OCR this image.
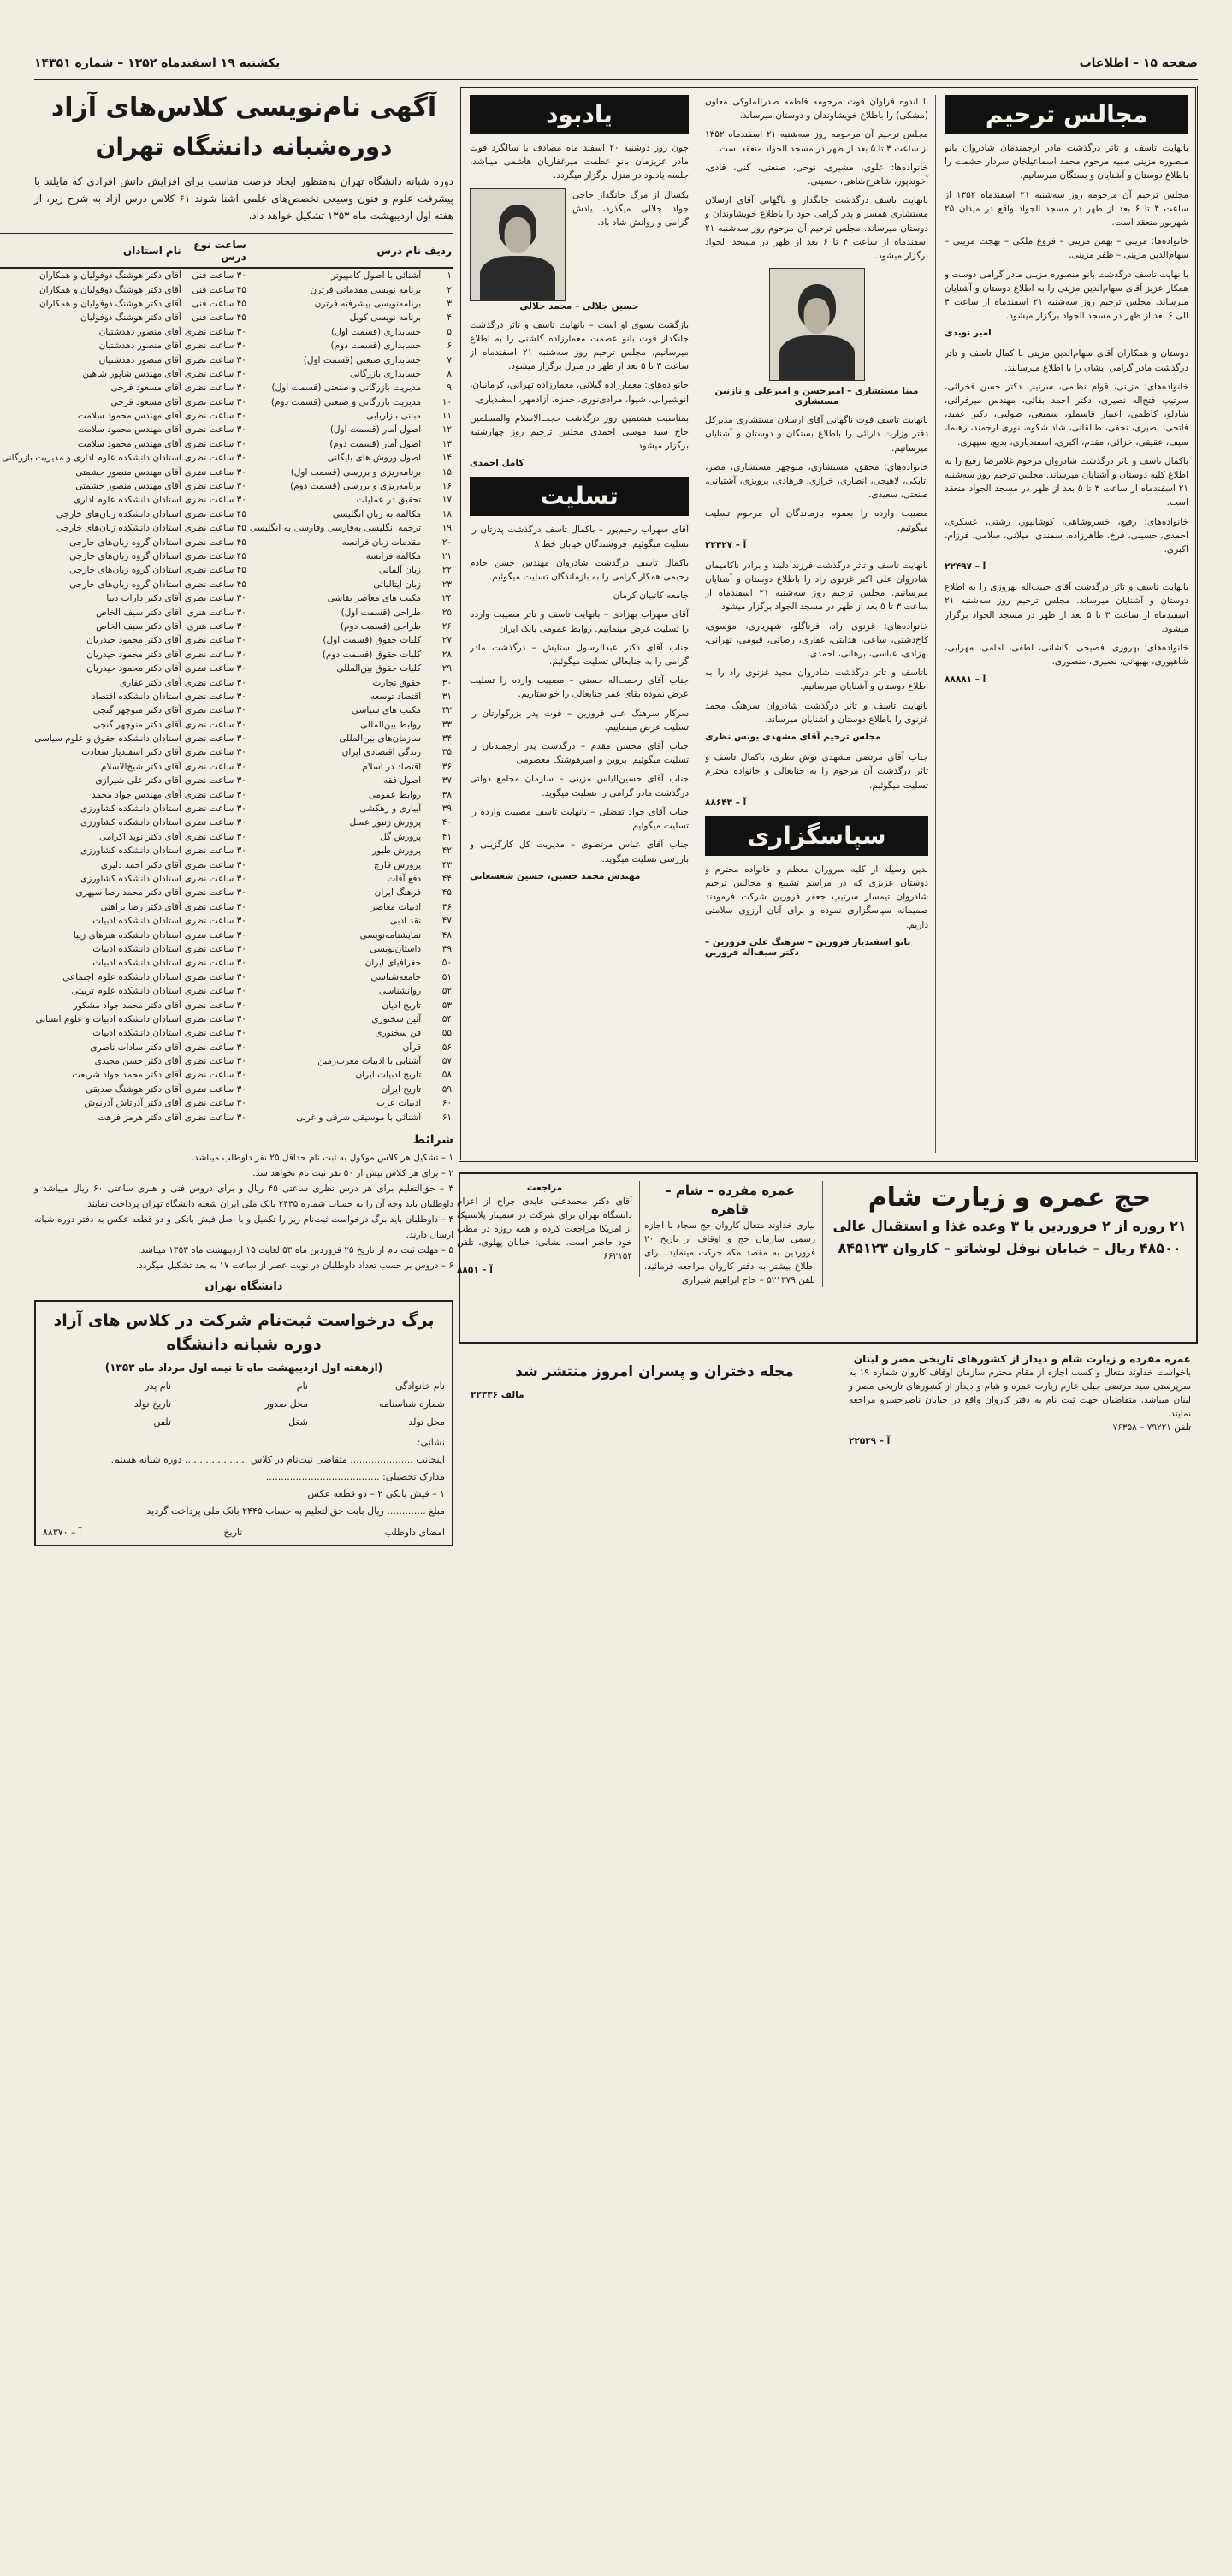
صفحه ۱۵ – اطلاعات
یکشنبه ۱۹ اسفندماه ۱۳۵۲ – شماره ۱۴۳۵۱
آگهی نام‌نویسی کلاس‌های آزاد
دوره‌شبانه دانشگاه تهران
دوره شبانه دانشگاه تهران به‌منظور ایجاد فرصت مناسب برای افزایش دانش افرادی که مایلند با پیشرفت علوم و فنون وسیعی تخصص‌های علمی آشنا شوند ۶۱ کلاس درس آزاد به شرح زیر، از هفته اول اردیبهشت ماه ۱۳۵۳ تشکیل خواهد داد.
ردیف	نام درس	ساعت‌ نوع‌ درس	نام استادان
۱	آشنائی با اصول کامپیوتر	۳۰ ساعت فنی	آقای دکتر هوشنگ ذوفولیان و همکاران
۲	برنامه نویسی مقدماتی فرترن	۴۵ ساعت فنی	آقای دکتر هوشنگ ذوفولیان و همکاران
۳	برنامه‌نویسی پیشرفته فرترن	۴۵ ساعت فنی	آقای دکتر هوشنگ ذوفولیان و همکاران
۴	برنامه نویسی کوبل	۴۵ ساعت فنی	آقای دکتر هوشنگ ذوفولیان
۵	حسابداری (قسمت اول)	۳۰ ساعت نظری	آقای منصور دهدشتیان
۶	حسابداری (قسمت دوم)	۳۰ ساعت نظری	آقای منصور دهدشتیان
۷	حسابداری صنعتی (قسمت اول)	۳۰ ساعت نظری	آقای منصور دهدشتیان
۸	حسابداری بازرگانی	۳۰ ساعت نظری	آقای مهندس شاپور شاهین
۹	مدیریت بازرگانی و صنعتی (قسمت اول)	۳۰ ساعت نظری	آقای مسعود فرجی
۱۰	مدیریت بازرگانی و صنعتی (قسمت دوم)	۳۰ ساعت نظری	آقای مسعود فرجی
۱۱	مبانی بازاریابی	۳۰ ساعت نظری	آقای مهندس محمود سلامت
۱۲	اصول آمار (قسمت اول)	۳۰ ساعت نظری	آقای مهندس محمود سلامت
۱۳	اصول آمار (قسمت دوم)	۳۰ ساعت نظری	آقای مهندس محمود سلامت
۱۴	اصول وروش های بایگانی	۳۰ ساعت نظری	استادان دانشکده علوم اداری و مدیریت بازرگانی
۱۵	برنامه‌ریزی و بررسی (قسمت اول)	۳۰ ساعت نظری	آقای مهندس منصور حشمتی
۱۶	برنامه‌ریزی و بررسی (قسمت دوم)	۳۰ ساعت نظری	آقای مهندس منصور حشمتی
۱۷	تحقیق در عملیات	۳۰ ساعت نظری	استادان دانشکده علوم اداری
۱۸	مکالمه به زبان انگلیسی	۴۵ ساعت نظری	استادان دانشکده زبان‌های خارجی
۱۹	ترجمه انگلیسی به‌فارسی وفارسی به انگلیسی	۴۵ ساعت نظری	استادان دانشکده زبان‌های خارجی
۲۰	مقدمات زبان فرانسه	۴۵ ساعت نظری	استادان گروه زبان‌های خارجی
۲۱	مکالمه فرانسه	۴۵ ساعت نظری	استادان گروه زبان‌های خارجی
۲۲	زبان آلمانی	۴۵ ساعت نظری	استادان گروه زبان‌های خارجی
۲۳	زبان ایتالیائی	۴۵ ساعت نظری	استادان گروه زبان‌های خارجی
۲۴	مکتب های معاصر نقاشی	۳۰ ساعت نظری	آقای دکتر داراب دیبا
۲۵	طراحی (قسمت اول)	۳۰ ساعت هنری	آقای دکتر سیف الخاص
۲۶	طراحی (قسمت دوم)	۳۰ ساعت هنری	آقای دکتر سیف الخاص
۲۷	کلیات حقوق (قسمت اول)	۳۰ ساعت نظری	آقای دکتر محمود حیدریان
۲۸	کلیات حقوق (قسمت دوم)	۳۰ ساعت نظری	آقای دکتر محمود حیدریان
۲۹	کلیات حقوق بین‌المللی	۳۰ ساعت نظری	آقای دکتر محمود حیدریان
۳۰	حقوق تجارت	۳۰ ساعت نظری	آقای دکتر غفاری
۳۱	اقتصاد توسعه	۳۰ ساعت نظری	استادان دانشکده اقتصاد
۳۲	مکتب های سیاسی	۳۰ ساعت نظری	آقای دکتر منوچهر گنجی
۳۳	روابط بین‌المللی	۳۰ ساعت نظری	آقای دکتر منوچهر گنجی
۳۴	سازمان‌های بین‌المللی	۳۰ ساعت نظری	استادان دانشکده حقوق و علوم سیاسی
۳۵	زندگی اقتصادی ایران	۳۰ ساعت نظری	آقای دکتر اسفندیار سعادت
۳۶	اقتصاد در اسلام	۳۰ ساعت نظری	آقای دکتر شیخ‌الاسلام
۳۷	اصول فقه	۳۰ ساعت نظری	آقای دکتر علی شیرازی
۳۸	روابط عمومی	۳۰ ساعت نظری	آقای مهندس جواد محمد
۳۹	آبیاری و زهکشی	۳۰ ساعت نظری	استادان دانشکده کشاورزی
۴۰	پرورش زنبور عسل	۳۰ ساعت نظری	استادان دانشکده کشاورزی
۴۱	پرورش گل	۳۰ ساعت نظری	آقای دکتر نوید اکرامی
۴۲	پرورش طیور	۳۰ ساعت نظری	استادان دانشکده کشاورزی
۴۳	پرورش قارچ	۳۰ ساعت نظری	آقای دکتر احمد دلیری
۴۴	دفع آفات	۳۰ ساعت نظری	استادان دانشکده کشاورزی
۴۵	فرهنگ ایران	۳۰ ساعت نظری	آقای دکتر محمد رضا سپهری
۴۶	ادبیات معاصر	۳۰ ساعت نظری	آقای دکتر رضا براهنی
۴۷	نقد ادبی	۳۰ ساعت نظری	استادان دانشکده ادبیات
۴۸	نمایشنامه‌نویسی	۳۰ ساعت نظری	استادان دانشکده هنرهای زیبا
۴۹	داستان‌نویسی	۳۰ ساعت نظری	استادان دانشکده ادبیات
۵۰	جغرافیای ایران	۳۰ ساعت نظری	استادان دانشکده ادبیات
۵۱	جامعه‌شناسی	۳۰ ساعت نظری	استادان دانشکده علوم اجتماعی
۵۲	روانشناسی	۳۰ ساعت نظری	استادان دانشکده علوم تربیتی
۵۳	تاریخ ادیان	۳۰ ساعت نظری	آقای دکتر محمد جواد مشکور
۵۴	آئین سخنوری	۳۰ ساعت نظری	استادان دانشکده ادبیات و علوم انسانی
۵۵	فن سخنوری	۳۰ ساعت نظری	استادان دانشکده ادبیات
۵۶	قرآن	۳۰ ساعت نظری	آقای دکتر سادات ناصری
۵۷	آشنایی با ادبیات مغرب‌زمین	۳۰ ساعت نظری	آقای دکتر حسن مجیدی
۵۸	تاریخ ادبیات ایران	۳۰ ساعت نظری	آقای دکتر محمد جواد شریعت
۵۹	تاریخ ایران	۳۰ ساعت نظری	آقای دکتر هوشنگ صدیقی
۶۰	ادبیات عرب	۳۰ ساعت نظری	آقای دکتر آذرتاش آذرنوش
۶۱	آشنائی با موسیقی شرقی و غربی	۳۰ ساعت نظری	آقای دکتر هرمز فرهت
شرائط

۱ – تشکیل هر کلاس موکول به ثبت نام حداقل ۲۵ نفر داوطلب میباشد.

۲ – برای هر کلاس بیش از ۵۰ نفر ثبت نام نخواهد شد.

۳ – حق‌التعلیم برای هر درس نظری ساعتی ۴۵ ریال و برای دروس فنی و هنری ساعتی ۶۰ ریال میباشد و داوطلبان باید وجه آن را به حساب شماره ۲۴۴۵ بانک ملی ایران شعبه دانشگاه تهران پرداخت نمایند.

۴ – داوطلبان باید برگ درخواست ثبت‌نام زیر را تکمیل و با اصل فیش بانکی و دو قطعه عکس به دفتر دوره شبانه ارسال دارند.

۵ – مهلت ثبت نام از تاریخ ۲۵ فروردین ماه ۵۳ لغایت ۱۵ اردیبهشت ماه ۱۳۵۳ میباشد.

۶ – دروس بر حسب تعداد داوطلبان در نوبت عصر از ساعت ۱۷ به بعد تشکیل میگردد.

دانشگاه تهران
برگ درخواست ثبت‌نام شرکت در کلاس های آزاد دوره شبانه دانشگاه
(ازهفته اول اردیبهشت ماه تا نیمه اول مرداد ماه ۱۳۵۳)
نام خانوادگی
نام
نام پدر
شماره شناسنامه
محل صدور
تاریخ تولد
محل تولد
شغل
تلفن
نشانی:
اینجانب ..................... متقاضی ثبت‌نام در کلاس ..................... دوره شبانه هستم.
مدارک تحصیلی: ......................................
۱ – فیش بانکی ۲ – دو قطعه عکس
مبلغ ............. ریال بابت حق‌التعلیم به حساب ۲۴۴۵ بانک ملی پرداخت گردید.
امضای داوطلب
تاریخ
آ – ۸۸۳۷۰
مجالس ترحیم

بانهایت تاسف و تاثر درگذشت مادر ارجمندمان شادروان بانو منصوره مزینی صبیه مرحوم محمد اسماعیلخان سردار حشمت را باطلاع دوستان و آشنایان و بستگان میرسانیم.

مجلس ترحیم آن مرحومه روز سه‌شنبه ۲۱ اسفندماه ۱۳۵۲ از ساعت ۴ تا ۶ بعد از ظهر در مسجد الجواد واقع در میدان ۲۵ شهریور منعقد است.

خانواده‌ها: مزینی – بهمن مزینی – فروغ ملکی – بهجت مزینی – سهام‌الدین مزینی – ظفر مزینی.

با نهایت تاسف درگذشت بانو منصوره مزینی مادر گرامی دوست و همکار عزیز آقای سهام‌الدین مزینی را به اطلاع دوستان و آشنایان میرساند. مجلس ترحیم روز سه‌شنبه ۲۱ اسفندماه از ساعت ۴ الی ۶ بعد از ظهر در مسجد الجواد برگزار میشود.

امیر نوبدی

دوستان و همکاران آقای سهام‌الدین مزینی با کمال تاسف و تاثر درگذشت مادر گرامی ایشان را با اطلاع میرسانند.

خانواده‌های: مزینی، قوام نظامی، سرتیپ دکتر حسن فخرائی، سرتیپ فتح‌اله نصیری، دکتر احمد بقائی، مهندس میرفرائی، شادلو، کاظمی، اعتبار قاسملو، سمیعی، صولتی، دکتر عمید، فاتحی، نصیری، نجفی، طالقانی، شاد شکوه، نوری ارجمند، رهنما، سیف، عقیقی، خزائی، مقدم، اکبری، اسفندیاری، بدیع، سپهری.

باکمال تاسف و تاثر درگذشت شادروان مرحوم غلامرضا رفیع را به اطلاع کلیه دوستان و آشنایان میرساند. مجلس ترحیم روز سه‌شنبه ۲۱ اسفندماه از ساعت ۳ تا ۵ بعد از ظهر در مسجد الجواد منعقد است.

خانواده‌های: رفیع، خسروشاهی، کوشانپور، رشتی، عسکری، احمدی، حسینی، فرخ، طاهرزاده، سمندی، میلانی، سلامی، فرزام، اکبری.

آ – ۲۲۴۹۷

بانهایت تاسف و تاثر درگذشت آقای حبیب‌اله بهروزی را به اطلاع دوستان و آشنایان میرساند. مجلس ترحیم روز سه‌شنبه ۲۱ اسفندماه از ساعت ۳ تا ۵ بعد از ظهر در مسجد الجواد برگزار میشود.

خانواده‌های: بهروزی، فصیحی، کاشانی، لطفی، امامی، مهرابی، شاهپوری، بهبهانی، نصیری، منصوری.

آ – ۸۸۸۸۱

با اندوه فراوان فوت مرحومه فاطمه صدرالملوکی معاون (مشکی) را باطلاع خویشاوندان و دوستان میرساند.

مجلس ترحیم آن مرحومه روز سه‌شنبه ۲۱ اسفندماه ۱۳۵۲ از ساعت ۳ تا ۵ بعد از ظهر در مسجد الجواد منعقد است.

خانواده‌ها: علوی، مشیری، نوحی، صنعتی، کنی، قادی، آخوندپور، شاهرخ‌شاهی، حسینی.

بانهایت تاسف درگذشت جانگداز و ناگهانی آقای ارسلان مستشاری همسر و پدر گرامی خود را باطلاع خویشاوندان و دوستان میرساند. مجلس ترحیم آن مرحوم روز سه‌شنبه ۲۱ اسفندماه از ساعت ۴ تا ۶ بعد از ظهر در مسجد الجواد برگزار میشود.

مینا مستشاری – امیرحسن و امیرعلی و نازنین مستشاری

بانهایت تاسف فوت ناگهانی آقای ارسلان مستشاری مدیرکل دفتر وزارت دارائی را باطلاع بستگان و دوستان و آشنایان میرسانیم.

خانواده‌های: محقق، مستشاری، منوچهر مستشاری، مصر، اتابکی، لاهیجی، انصاری، خرازی، فرهادی، پرویزی، آشتیانی، صنعتی، سعیدی.

مصیبت وارده را بعموم بازماندگان آن مرحوم تسلیت میگوئیم.

آ – ۲۲۴۲۷

بانهایت تاسف و تاثر درگذشت فرزند دلبند و برادر ناکامیمان شادروان علی اکبر غزنوی راد را باطلاع دوستان و آشنایان میرسانیم. مجلس ترحیم روز سه‌شنبه ۲۱ اسفندماه از ساعت ۳ تا ۵ بعد از ظهر در مسجد الجواد برگزار میشود.

خانواده‌های: غزنوی راد، فرناگلو، شهریاری، موسوی، کاخ‌دشتی، ساعی، هدایتی، غفاری، رضائی، قیومی، تهرانی، بهزادی، عباسی، برهانی، احمدی.

باتاسف و تاثر درگذشت شادروان مجید غزنوی راد را به اطلاع دوستان و آشنایان میرسانیم.

بانهایت تاسف و تاثر درگذشت شادروان سرهنگ محمد غزنوی را باطلاع دوستان و آشنایان میرساند.

مجلس ترحیم آقای مشهدی یونس نظری

جناب آقای مرتضی مشهدی نوش نظری، باکمال تاسف و تاثر درگذشت آن مرحوم را به جنابعالی و خانواده محترم تسلیت میگوئیم.

آ – ۸۸۶۴۳

سپاسگزاری

بدین وسیله از کلیه سروران معظم و خانواده محترم و دوستان عزیزی که در مراسم تشییع و مجالس ترحیم شادروان تیمسار سرتیپ جعفر فروزین شرکت فرمودند صمیمانه سپاسگزاری نموده و برای آنان آرزوی سلامتی داریم.

بانو اسفندیار فروزین – سرهنگ علی فروزین – دکتر سیف‌اله فروزین

یادبود

چون روز دوشنبه ۲۰ اسفند ماه مصادف با سالگرد فوت مادر عزیزمان بانو عظمت میرغفاریان هاشمی میباشد، جلسه یادبود در منزل برگزار میگردد.

یکسال از مرگ جانگداز حاجی جواد جلالی میگذرد، یادش گرامی و روانش شاد باد.

حسین جلالی – محمد جلالی

بازگشت بسوی او است – بانهایت تاسف و تاثر درگذشت جانگداز فوت بانو عصمت معمارزاده گلشنی را به اطلاع میرسانیم. مجلس ترحیم روز سه‌شنبه ۲۱ اسفندماه از ساعت ۳ تا ۵ بعد از ظهر در منزل برگزار میشود.

خانواده‌های: معمارزاده گیلانی، معمارزاده تهرانی، کرمانیان، انوشیرانی، شیوا، مرادی‌نوری، حمزه، آزادمهر، اسفندیاری.

بمناسبت هشتمین روز درگذشت حجت‌الاسلام والمسلمین حاج سید موسی احمدی مجلس ترحیم روز چهارشنبه برگزار میشود.

کامل احمدی

تسلیت

آقای سهراب رحیم‌پور – باکمال تاسف درگذشت پدرتان را تسلیت میگوئیم. فروشندگان خیابان خط ۸

باکمال تاسف درگذشت شادروان مهندس حسن خادم رحیمی همکار گرامی را به بازماندگان تسلیت میگوئیم.

جامعه کاتبیان کرمان

آقای سهراب بهزادی – بانهایت تاسف و تاثر مصیبت وارده را تسلیت عرض مینماییم. روابط عمومی بانک ایران

جناب آقای دکتر عبدالرسول ستایش – درگذشت مادر گرامی را به جنابعالی تسلیت میگوئیم.

جناب آقای رحمت‌اله حسنی – مصیبت وارده را تسلیت عرض نموده بقای عمر جنابعالی را خواستاریم.

سرکار سرهنگ علی فروزین – فوت پدر بزرگوارتان را تسلیت عرض مینماییم.

جناب آقای محسن مقدم – درگذشت پدر ارجمندتان را تسلیت میگوئیم. پروین و امیرهوشنگ معصومی

جناب آقای حسین‌الیاس مزینی – سازمان مجامع دولتی درگذشت مادر گرامی را تسلیت میگوید.

جناب آقای جواد تفضلی – بانهایت تاسف مصیبت وارده را تسلیت میگوئیم.

جناب آقای عباس مرتضوی – مدیریت کل کارگزینی و بازرسی تسلیت میگوید.

مهندس محمد حسین، حسین شعشعانی

مراجعت

آقای دکتر محمدعلی عابدی جراح از اعزام دانشگاه تهران برای شرکت در سمینار پلاستیک از امریکا مراجعت کرده و همه روزه در مطب خود حاضر است. نشانی: خیابان پهلوی، تلفن ۶۶۲۱۵۴

آ – ۸۸۵۱

حج عمره و زیارت شام
۲۱ روزه از ۲ فروردین با ۳ وعده غذا و استقبال عالی
۴۸۵۰۰ ریال – خیابان نوفل لوشاتو – کاروان ۸۴۵۱۲۳

عمره مفرده – شام – قاهره

بیاری خداوند متعال کاروان حج سجاد با اجازه رسمی سازمان حج و اوقاف از تاریخ ۲۰ فروردین به مقصد مکه حرکت مینماید. برای اطلاع بیشتر به دفتر کاروان مراجعه فرمائید. تلفن ۵۲۱۳۷۹ – حاج ابراهیم شیرازی

عمره مفرده و زیارت شام و دیدار از کشورهای تاریخی مصر و لبنان

باخواست خداوند متعال و کسب اجازه از مقام محترم سازمان اوقاف کاروان شماره ۱۹ به سرپرستی سید مرتضی جبلی عازم زیارت عمره و شام و دیدار از کشورهای تاریخی مصر و لبنان میباشد. متقاضیان جهت ثبت نام به دفتر کاروان واقع در خیابان ناصرخسرو مراجعه نمایند.

تلفن ۷۹۲۲۱ – ۷۶۳۵۸

آ – ۲۲۵۲۹

مجله دختران و پسران امروز منتشر شد

مالف ۲۲۳۳۶
